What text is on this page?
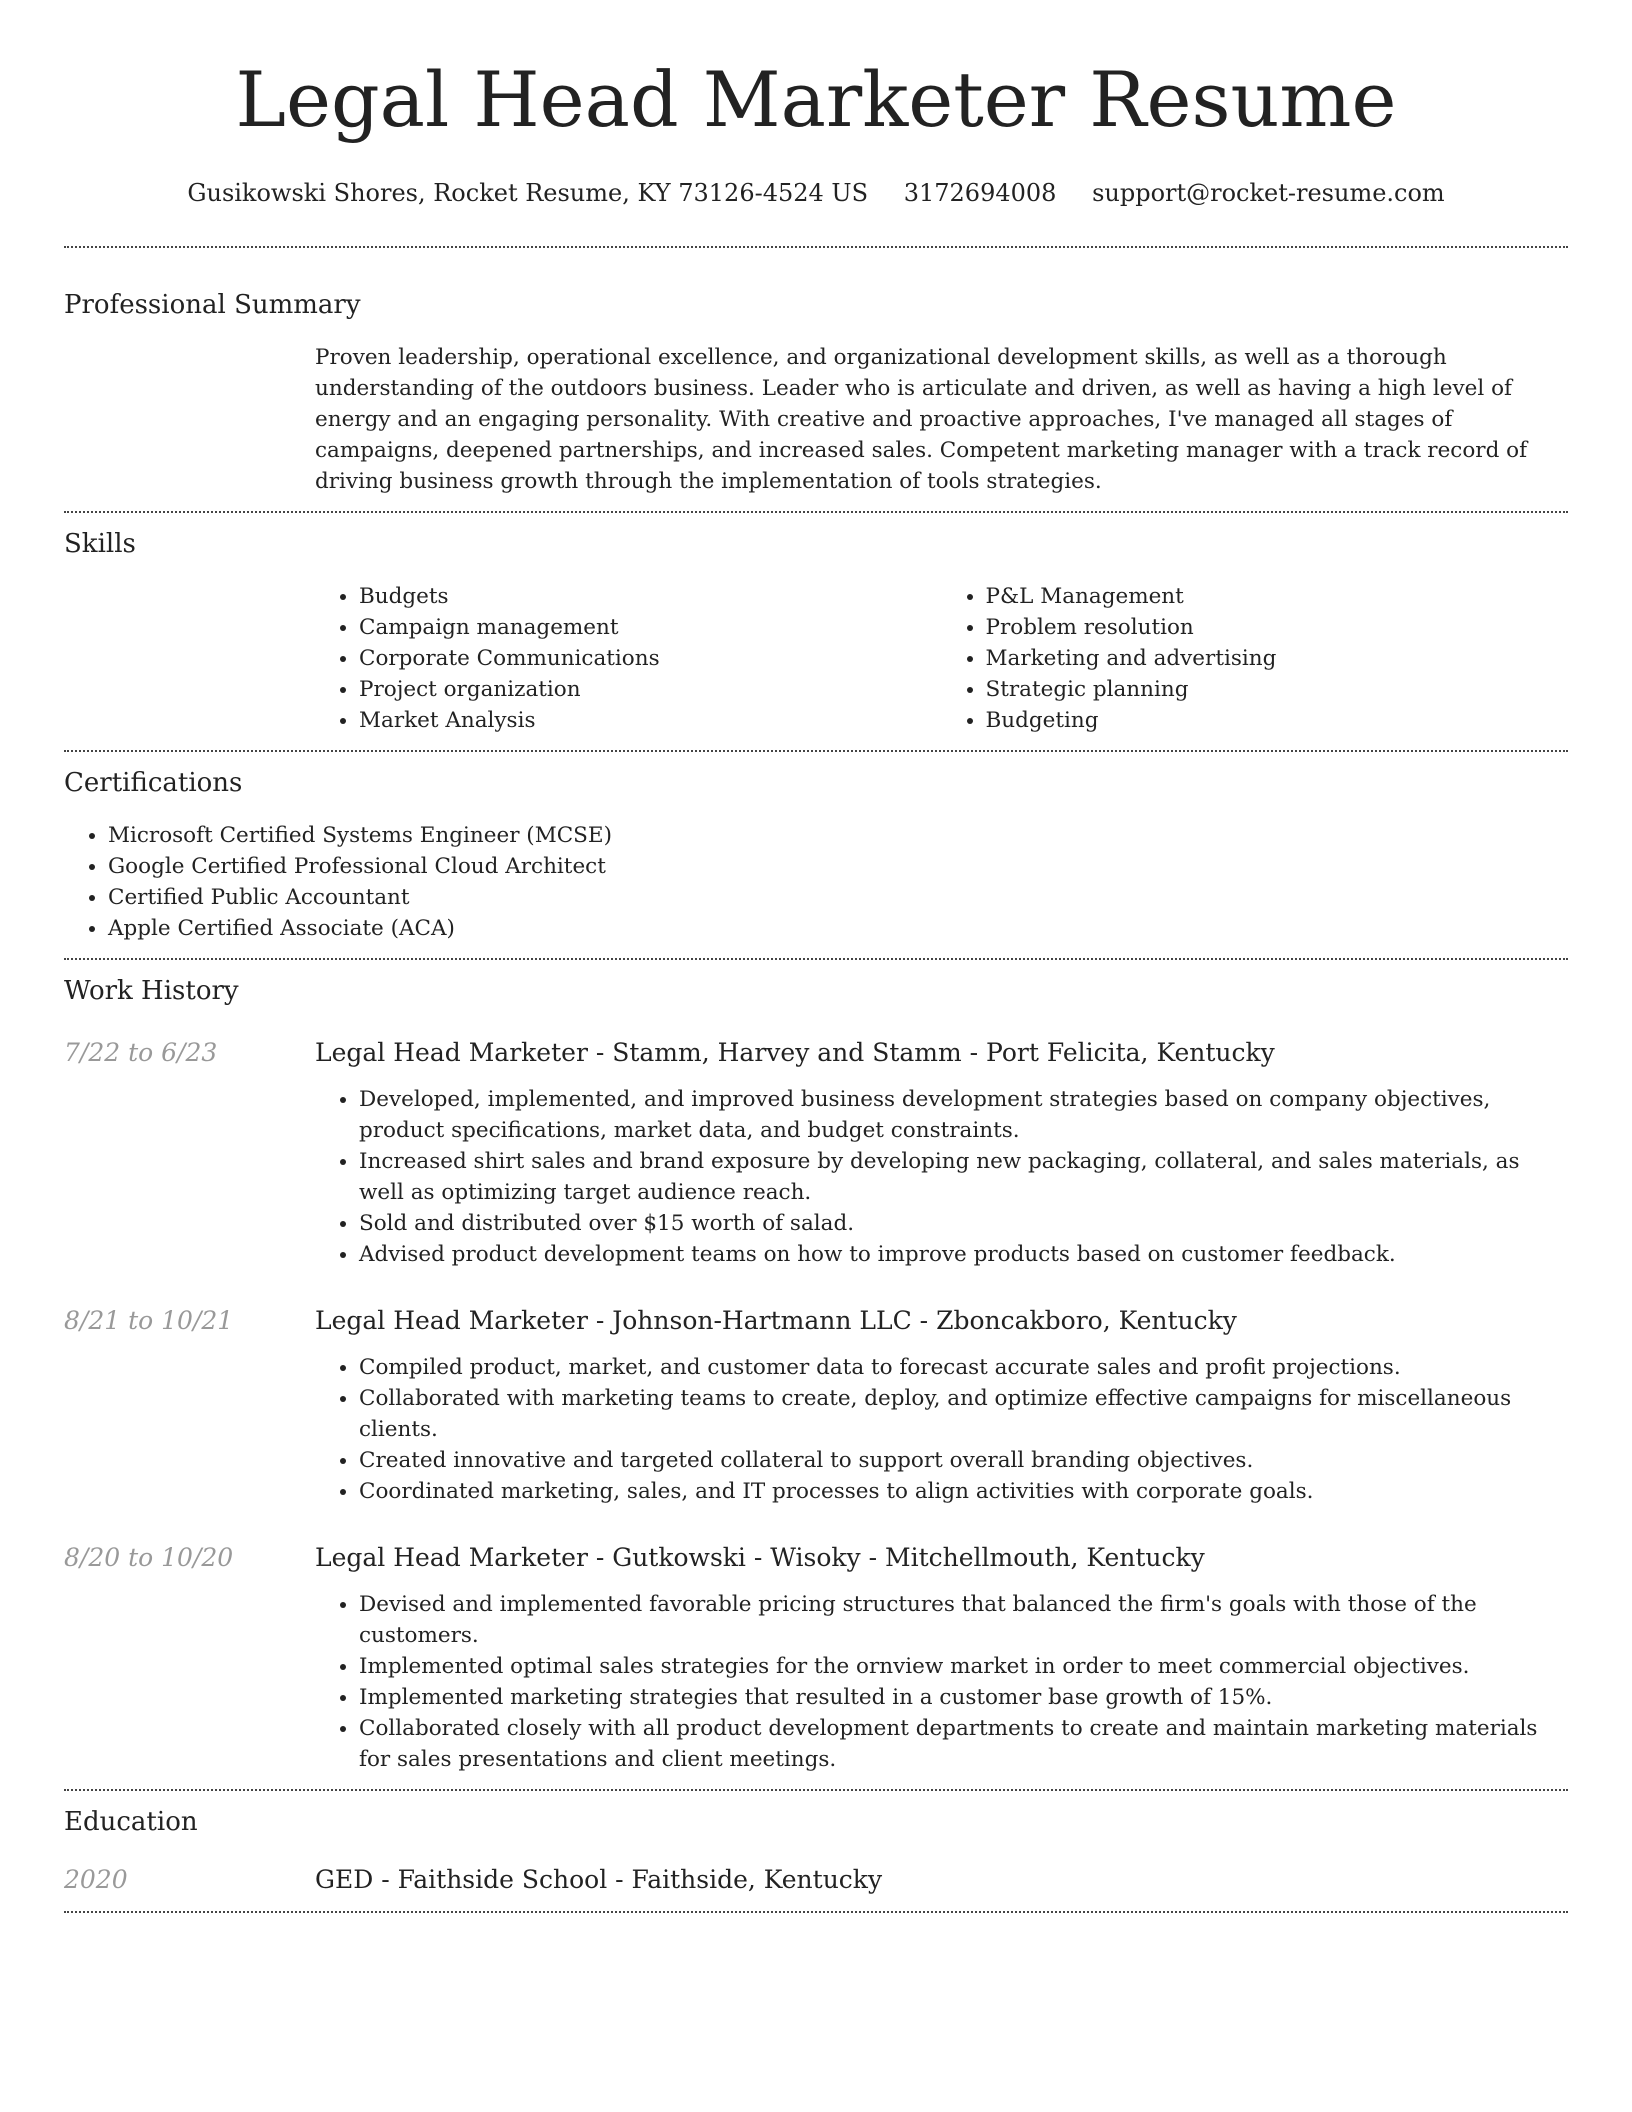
Legal Head Marketer Resume
Gusikowski Shores, Rocket Resume, KY 73126-4524 US 3172694008 support@rocket-resume.com
Professional Summary
Proven leadership, operational excellence, and organizational development skills, as well as a thorough understanding of the outdoors business. Leader who is articulate and driven, as well as having a high level of energy and an engaging personality. With creative and proactive approaches, I've managed all stages of campaigns, deepened partnerships, and increased sales. Competent marketing manager with a track record of driving business growth through the implementation of tools strategies.
Skills
• Budgets
• Campaign management
• Corporate Communications
• Project organization
• Market Analysis
• P&L Management
• Problem resolution
• Marketing and advertising
• Strategic planning
• Budgeting
Certifications
• Microsoft Certified Systems Engineer (MCSE)
• Google Certified Professional Cloud Architect
• Certified Public Accountant
• Apple Certified Associate (ACA)
Work History
7/22 to 6/23	Legal Head Marketer - Stamm, Harvey and Stamm - Port Felicita, Kentucky
• Developed, implemented, and improved business development strategies based on company objectives, product specifications, market data, and budget constraints.
• Increased shirt sales and brand exposure by developing new packaging, collateral, and sales materials, as well as optimizing target audience reach.
• Sold and distributed over $15 worth of salad.
• Advised product development teams on how to improve products based on customer feedback.
8/21 to 10/21	Legal Head Marketer - Johnson-Hartmann LLC - Zboncakboro, Kentucky
• Compiled product, market, and customer data to forecast accurate sales and profit projections.
• Collaborated with marketing teams to create, deploy, and optimize effective campaigns for miscellaneous clients.
• Created innovative and targeted collateral to support overall branding objectives.
• Coordinated marketing, sales, and IT processes to align activities with corporate goals.
8/20 to 10/20	Legal Head Marketer - Gutkowski - Wisoky - Mitchellmouth, Kentucky
• Devised and implemented favorable pricing structures that balanced the firm's goals with those of the customers.
• Implemented optimal sales strategies for the ornview market in order to meet commercial objectives.
• Implemented marketing strategies that resulted in a customer base growth of 15%.
• Collaborated closely with all product development departments to create and maintain marketing materials for sales presentations and client meetings.
Education
2020	GED - Faithside School - Faithside, Kentucky
